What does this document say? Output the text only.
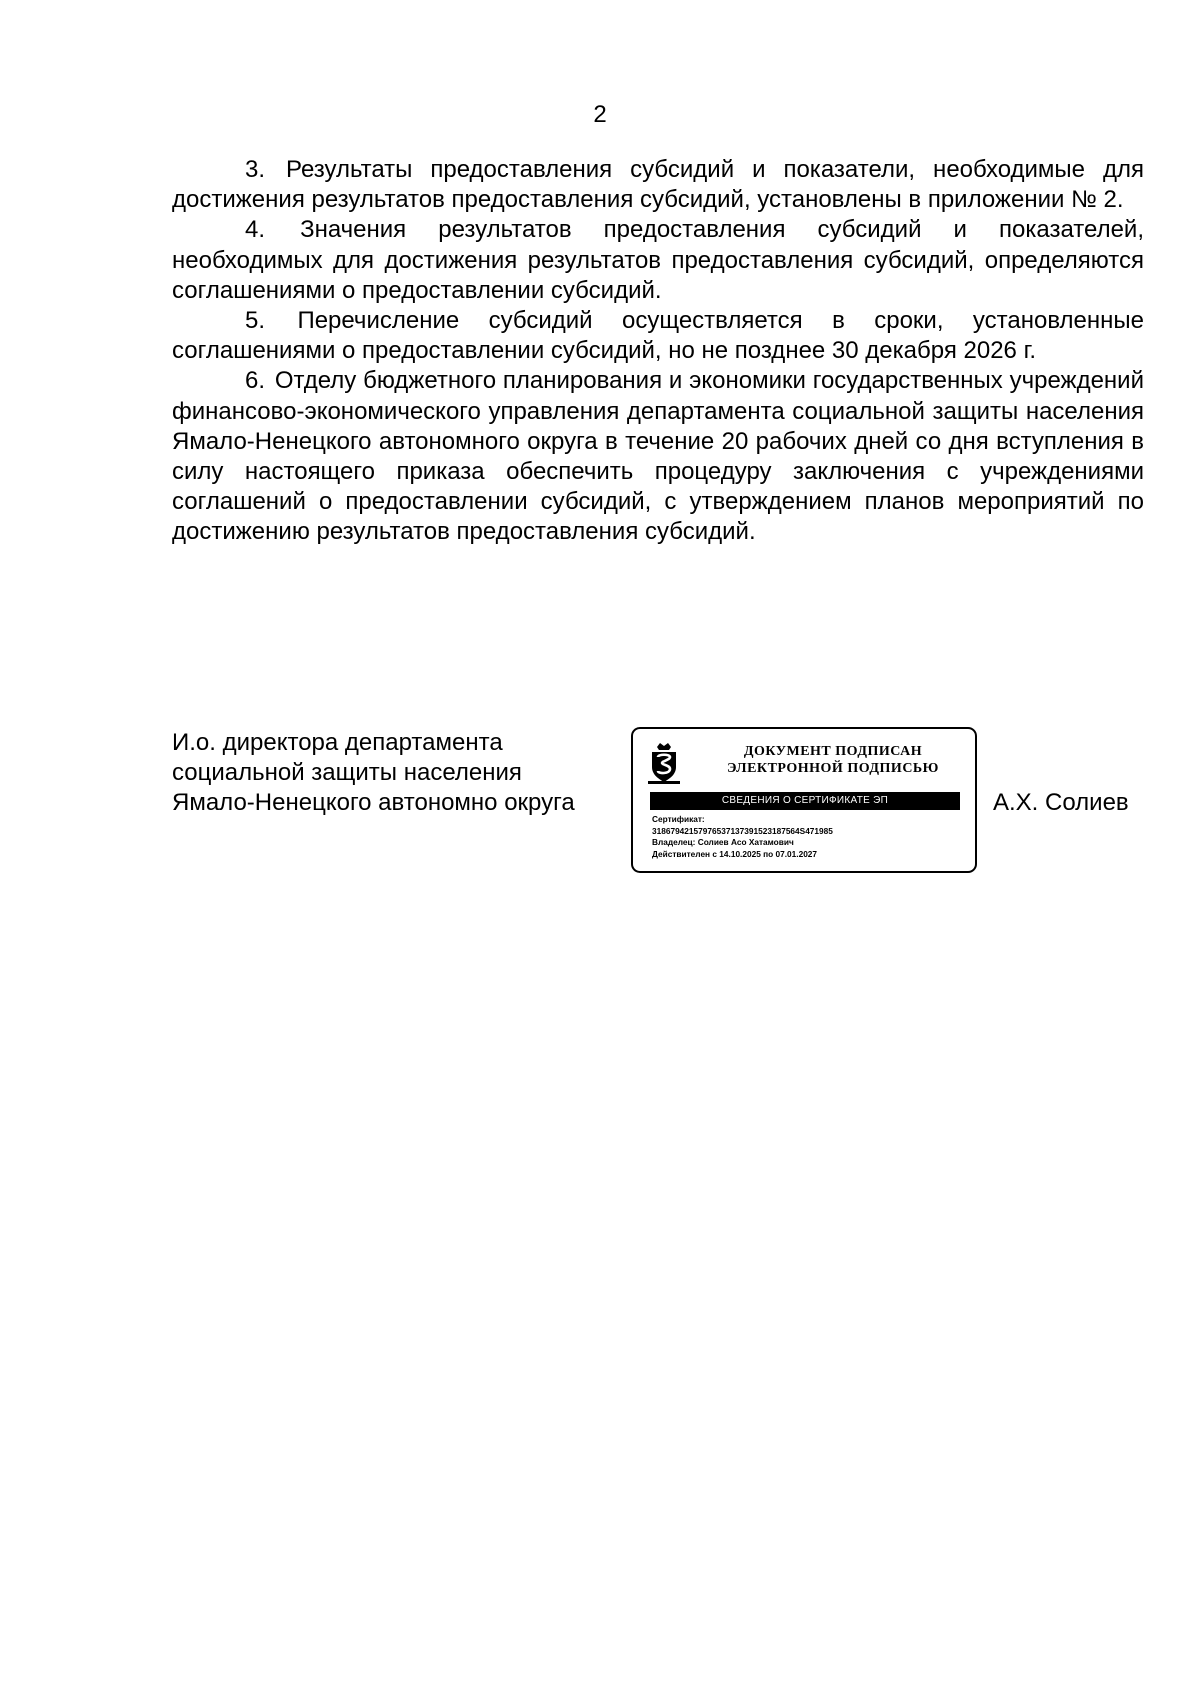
2

3. Результаты предоставления субсидий и показатели, необходимые для достижения результатов предоставления субсидий, установлены в приложении № 2.

4. Значения результатов предоставления субсидий и показателей, необходимых для достижения результатов предоставления субсидий, определяются соглашениями о предоставлении субсидий.

5. Перечисление субсидий осуществляется в сроки, установленные соглашениями о предоставлении субсидий, но не позднее 30 декабря 2026 г.

6. Отделу бюджетного планирования и экономики государственных учреждений финансово-экономического управления департамента социальной защиты населения Ямало-Ненецкого автономного округа в течение 20 рабочих дней со дня вступления в силу настоящего приказа обеспечить процедуру заключения с учреждениями соглашений о предоставлении субсидий, с утверждением планов мероприятий по достижению результатов предоставления субсидий.

И.о. директора департамента
социальной защиты населения
Ямало-Ненецкого автономно округа
ДОКУМЕНТ ПОДПИСАН
ЭЛЕКТРОННОЙ ПОДПИСЬЮ
СВЕДЕНИЯ О СЕРТИФИКАТЕ ЭП
Сертификат:
31867942157976537137391523187564S471985
Владелец: Солиев Асо Хатамович
Действителен с 14.10.2025 по 07.01.2027
А.Х. Солиев
